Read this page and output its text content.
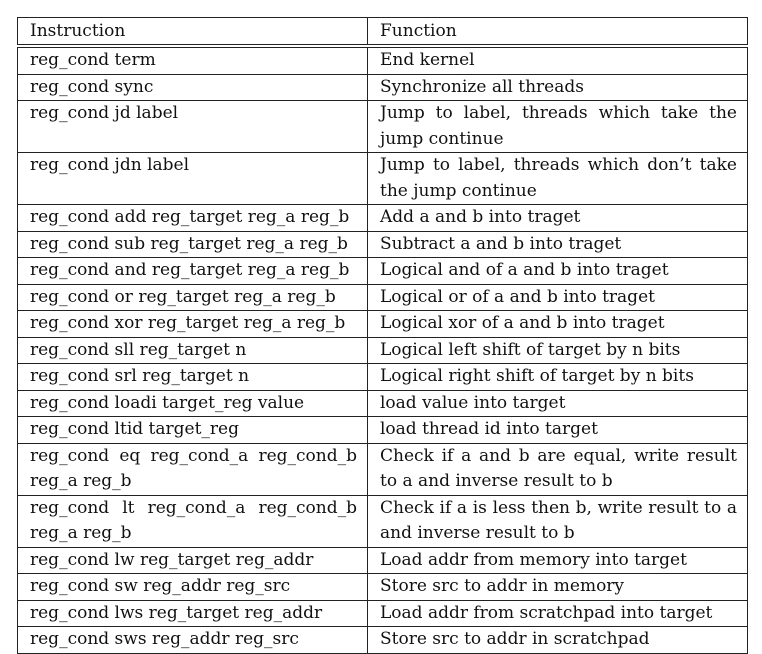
Instruction	Function
reg_cond term	End kernel
reg_cond sync	Synchronize all threads
reg_cond jd label	Jump to label, threads which take the jump continue
reg_cond jdn label	Jump to label, threads which don’t take the jump continue
reg_cond add reg_target reg_a reg_b	Add a and b into traget
reg_cond sub reg_target reg_a reg_b	Subtract a and b into traget
reg_cond and reg_target reg_a reg_b	Logical and of a and b into traget
reg_cond or reg_target reg_a reg_b	Logical or of a and b into traget
reg_cond xor reg_target reg_a reg_b	Logical xor of a and b into traget
reg_cond sll reg_target n	Logical left shift of target by n bits
reg_cond srl reg_target n	Logical right shift of target by n bits
reg_cond loadi target_reg value	load value into target
reg_cond ltid target_reg	load thread id into target
reg_cond eq reg_cond_a reg_cond_b reg_a reg_b	Check if a and b are equal, write result to a and inverse result to b
reg_cond lt reg_cond_a reg_cond_b reg_a reg_b	Check if a is less then b, write result to a and inverse result to b
reg_cond lw reg_target reg_addr	Load addr from memory into target
reg_cond sw reg_addr reg_src	Store src to addr in memory
reg_cond lws reg_target reg_addr	Load addr from scratchpad into target
reg_cond sws reg_addr reg_src	Store src to addr in scratchpad
